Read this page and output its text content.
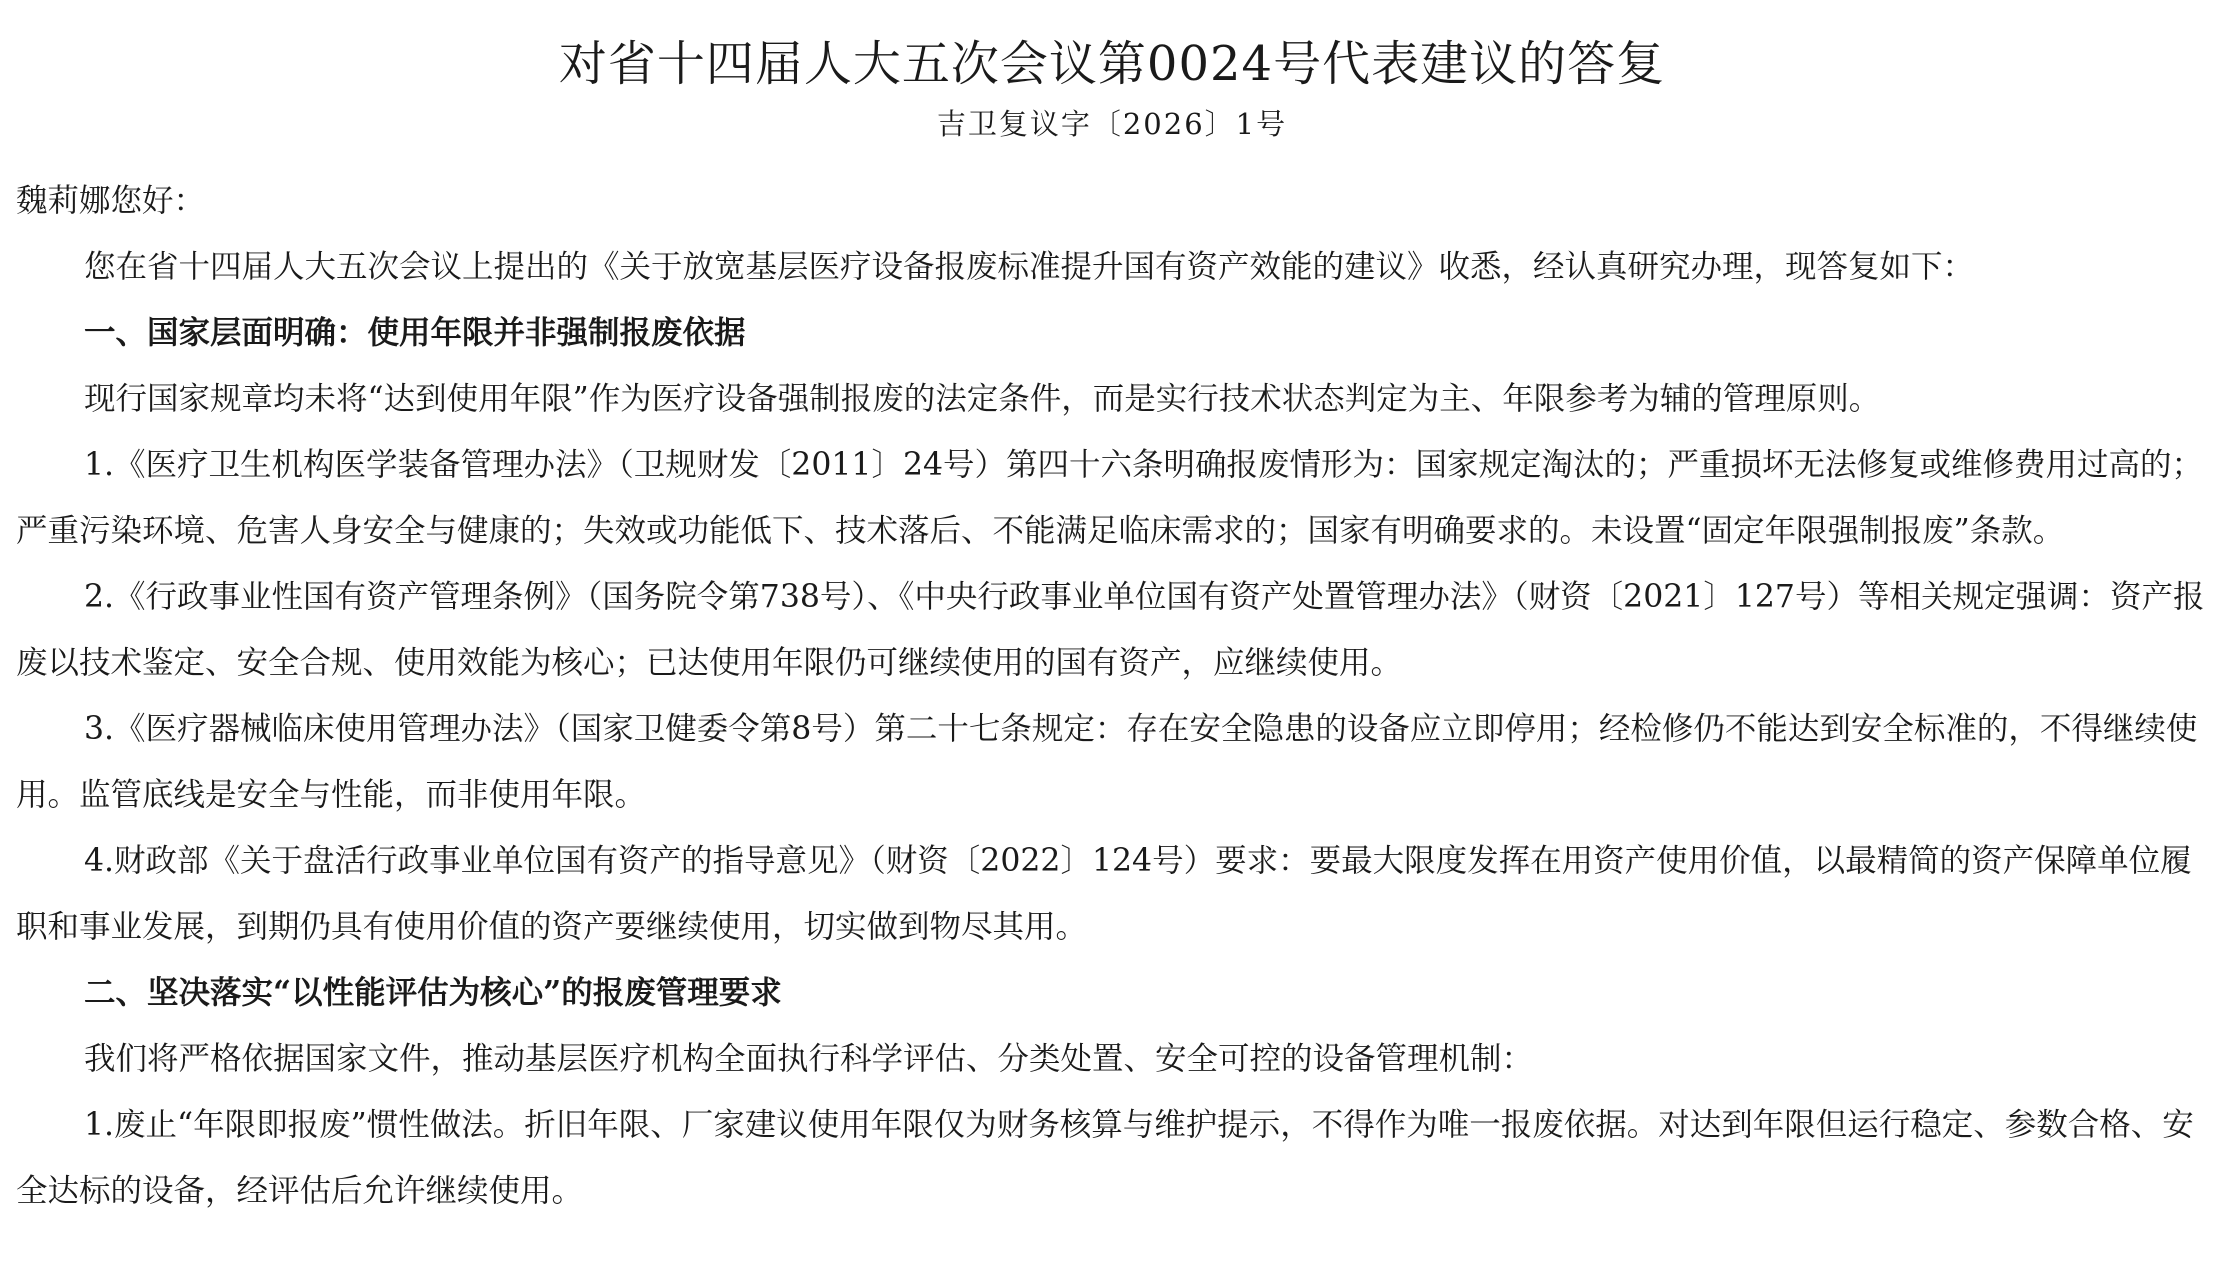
对省十四届人大五次会议第0024号代表建议的答复
吉卫复议字〔2026〕1号

魏莉娜您好：

您在省十四届人大五次会议上提出的《关于放宽基层医疗设备报废标准提升国有资产效能的建议》收悉，经认真研究办理，现答复如下：

一、国家层面明确：使用年限并非强制报废依据

现行国家规章均未将“达到使用年限”作为医疗设备强制报废的法定条件，而是实行技术状态判定为主、年限参考为辅的管理原则。

1.《医疗卫生机构医学装备管理办法》（卫规财发〔2011〕24号）第四十六条明确报废情形为：国家规定淘汰的；严重损坏无法修复或维修费用过高的；严重污染环境、危害人身安全与健康的；失效或功能低下、技术落后、不能满足临床需求的；国家有明确要求的。未设置“固定年限强制报废”条款。

2.《行政事业性国有资产管理条例》（国务院令第738号）、《中央行政事业单位国有资产处置管理办法》（财资〔2021〕127号）等相关规定强调：资产报废以技术鉴定、安全合规、使用效能为核心；已达使用年限仍可继续使用的国有资产，应继续使用。

3.《医疗器械临床使用管理办法》（国家卫健委令第8号）第二十七条规定：存在安全隐患的设备应立即停用；经检修仍不能达到安全标准的，不得继续使用。监管底线是安全与性能，而非使用年限。

4.财政部《关于盘活行政事业单位国有资产的指导意见》（财资〔2022〕124号）要求：要最大限度发挥在用资产使用价值，以最精简的资产保障单位履职和事业发展，到期仍具有使用价值的资产要继续使用，切实做到物尽其用。

二、坚决落实“以性能评估为核心”的报废管理要求

我们将严格依据国家文件，推动基层医疗机构全面执行科学评估、分类处置、安全可控的设备管理机制：

1.废止“年限即报废”惯性做法。折旧年限、厂家建议使用年限仅为财务核算与维护提示，不得作为唯一报废依据。对达到年限但运行稳定、参数合格、安全达标的设备，经评估后允许继续使用。
